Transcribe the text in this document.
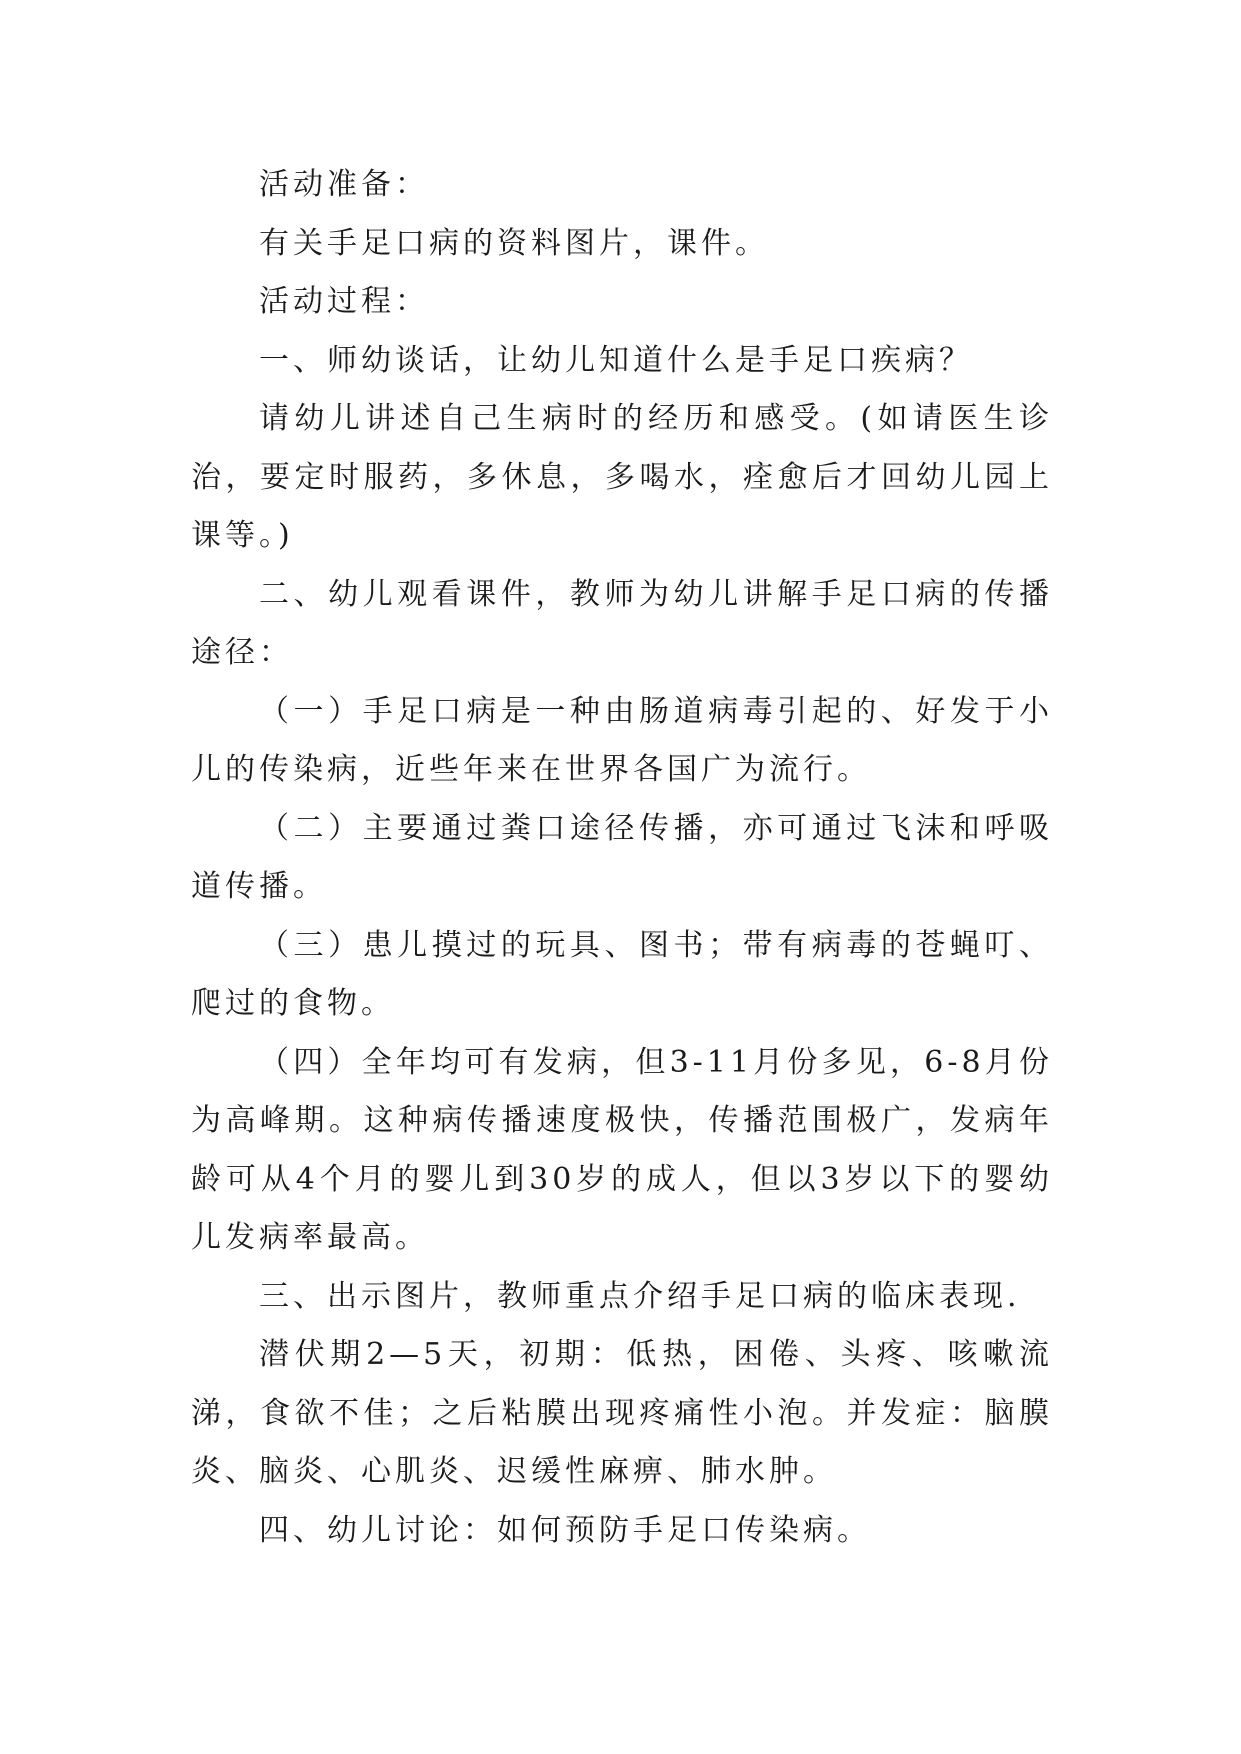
活动准备：

有关手足口病的资料图片，课件。

活动过程：

一、师幼谈话，让幼儿知道什么是手足口疾病？

请幼儿讲述自己生病时的经历和感受。(如请医生诊治，要定时服药，多休息，多喝水，痊愈后才回幼儿园上课等。)

二、幼儿观看课件，教师为幼儿讲解手足口病的传播途径：

（一）手足口病是一种由肠道病毒引起的、好发于小儿的传染病，近些年来在世界各国广为流行。

（二）主要通过粪口途径传播，亦可通过飞沫和呼吸道传播。

（三）患儿摸过的玩具、图书；带有病毒的苍蝇叮、爬过的食物。

（四）全年均可有发病，但3-11月份多见，6-8月份为高峰期。这种病传播速度极快，传播范围极广，发病年龄可从4个月的婴儿到30岁的成人，但以3岁以下的婴幼儿发病率最高。

三、出示图片，教师重点介绍手足口病的临床表现.

潜伏期2—5天，初期：低热，困倦、头疼、咳嗽流涕，食欲不佳；之后粘膜出现疼痛性小泡。并发症：脑膜炎、脑炎、心肌炎、迟缓性麻痹、肺水肿。

四、幼儿讨论：如何预防手足口传染病。
